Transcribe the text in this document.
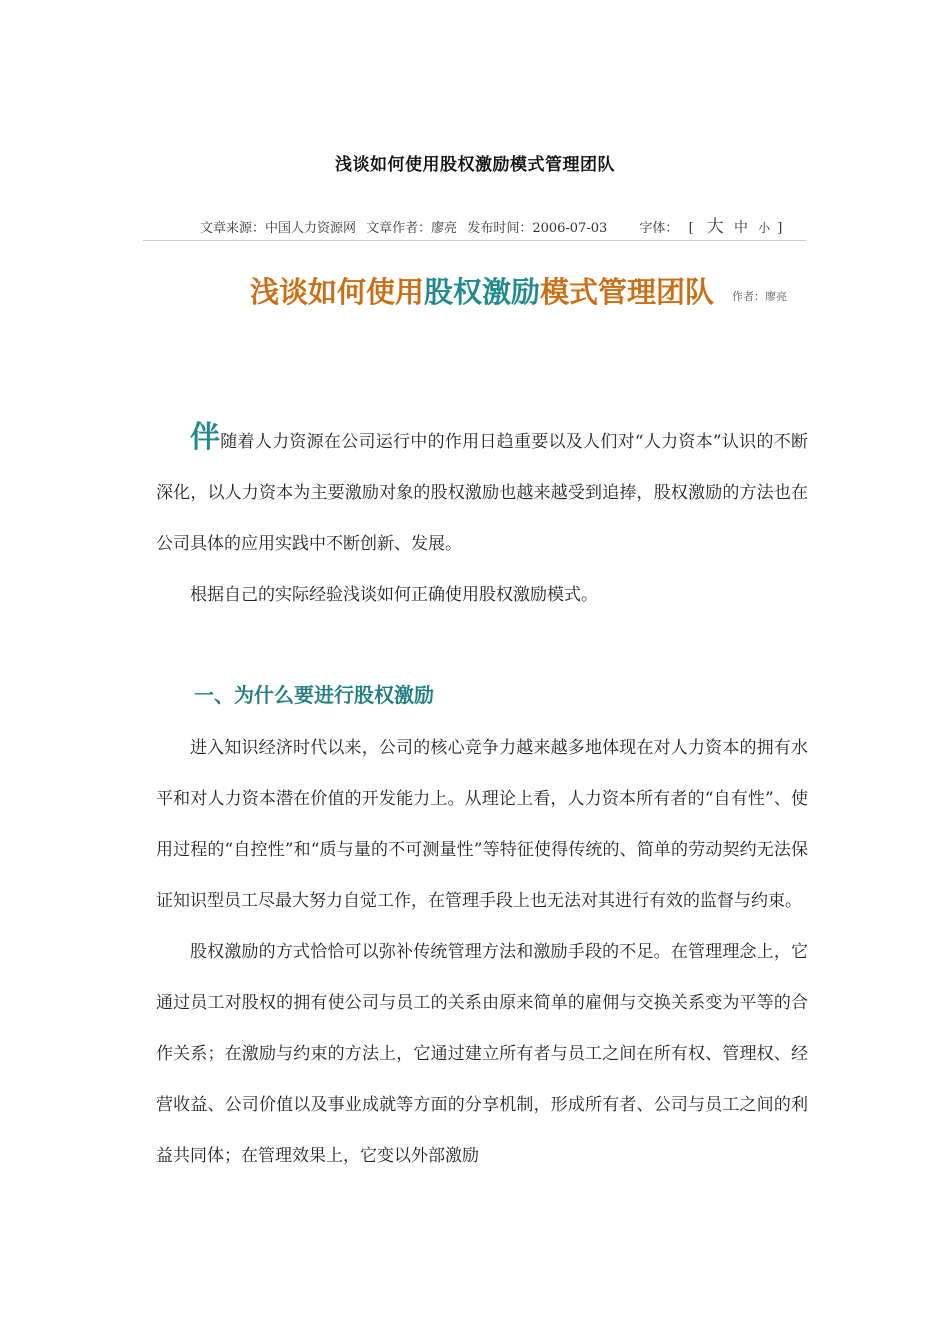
浅谈如何使用股权激励模式管理团队
文章来源：中国人力资源网 文章作者：廖亮 发布时间：2006-07-03 字体： [ 大 中 小 ]
浅谈如何使用股权激励模式管理团队 作者：廖亮

伴随着人力资源在公司运行中的作用日趋重要以及人们对“人力资本”认识的不断深化，以人力资本为主要激励对象的股权激励也越来越受到追捧，股权激励的方法也在公司具体的应用实践中不断创新、发展。

根据自己的实际经验浅谈如何正确使用股权激励模式。

一、为什么要进行股权激励

进入知识经济时代以来，公司的核心竞争力越来越多地体现在对人力资本的拥有水平和对人力资本潜在价值的开发能力上。从理论上看，人力资本所有者的“自有性”、使用过程的“自控性”和“质与量的不可测量性”等特征使得传统的、简单的劳动契约无法保证知识型员工尽最大努力自觉工作，在管理手段上也无法对其进行有效的监督与约束。

股权激励的方式恰恰可以弥补传统管理方法和激励手段的不足。在管理理念上，它通过员工对股权的拥有使公司与员工的关系由原来简单的雇佣与交换关系变为平等的合作关系；在激励与约束的方法上，它通过建立所有者与员工之间在所有权、管理权、经营收益、公司价值以及事业成就等方面的分享机制，形成所有者、公司与员工之间的利益共同体；在管理效果上，它变以外部激励
